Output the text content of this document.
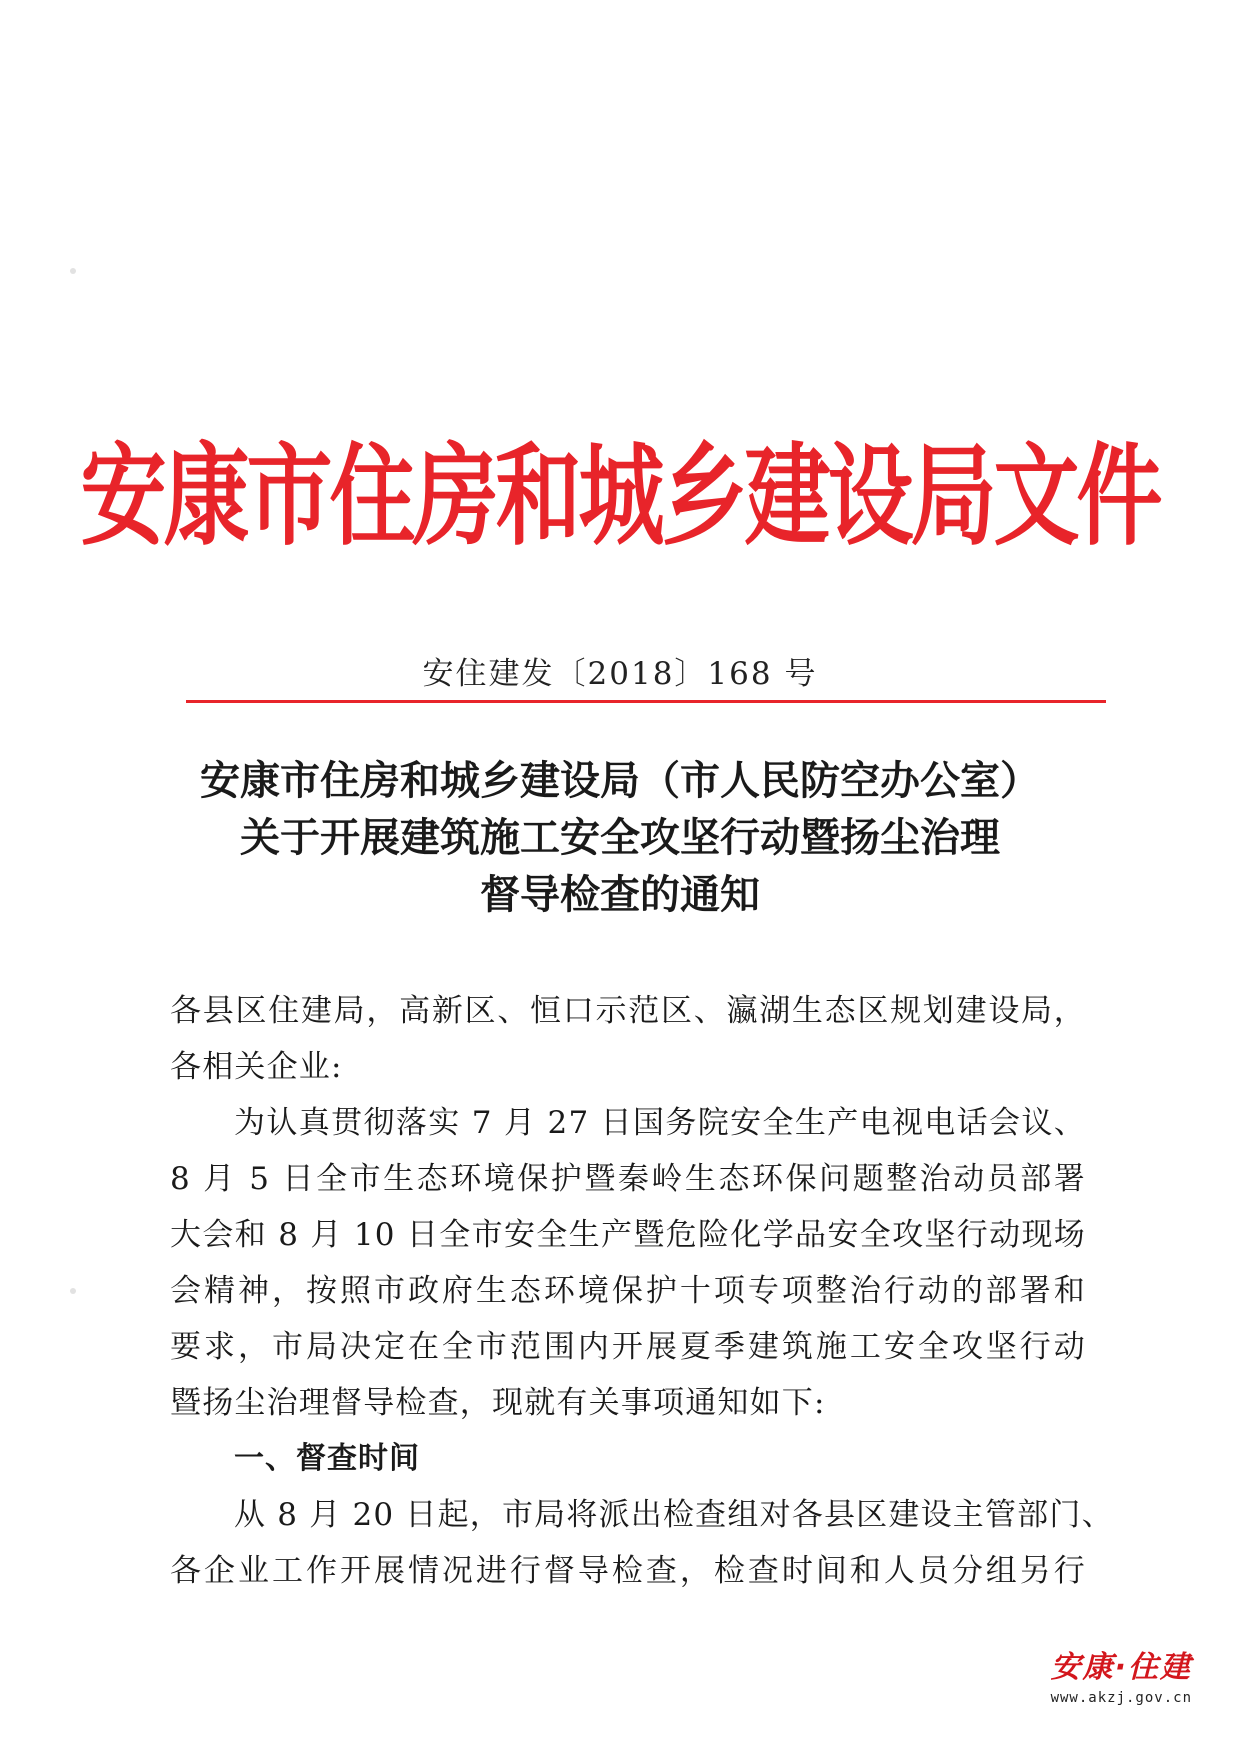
安康市住房和城乡建设局文件
安住建发〔2018〕168 号
安康市住房和城乡建设局（市人民防空办公室）
关于开展建筑施工安全攻坚行动暨扬尘治理
督导检查的通知
各县区住建局，高新区、恒口示范区、瀛湖生态区规划建设局，
各相关企业:
为认真贯彻落实 7 月 27 日国务院安全生产电视电话会议、
8 月 5 日全市生态环境保护暨秦岭生态环保问题整治动员部署
大会和 8 月 10 日全市安全生产暨危险化学品安全攻坚行动现场
会精神，按照市政府生态环境保护十项专项整治行动的部署和
要求，市局决定在全市范围内开展夏季建筑施工安全攻坚行动
暨扬尘治理督导检查，现就有关事项通知如下:
一、督查时间
从 8 月 20 日起，市局将派出检查组对各县区建设主管部门、
各企业工作开展情况进行督导检查，检查时间和人员分组另行
安康·住建
www.akzj.gov.cn
